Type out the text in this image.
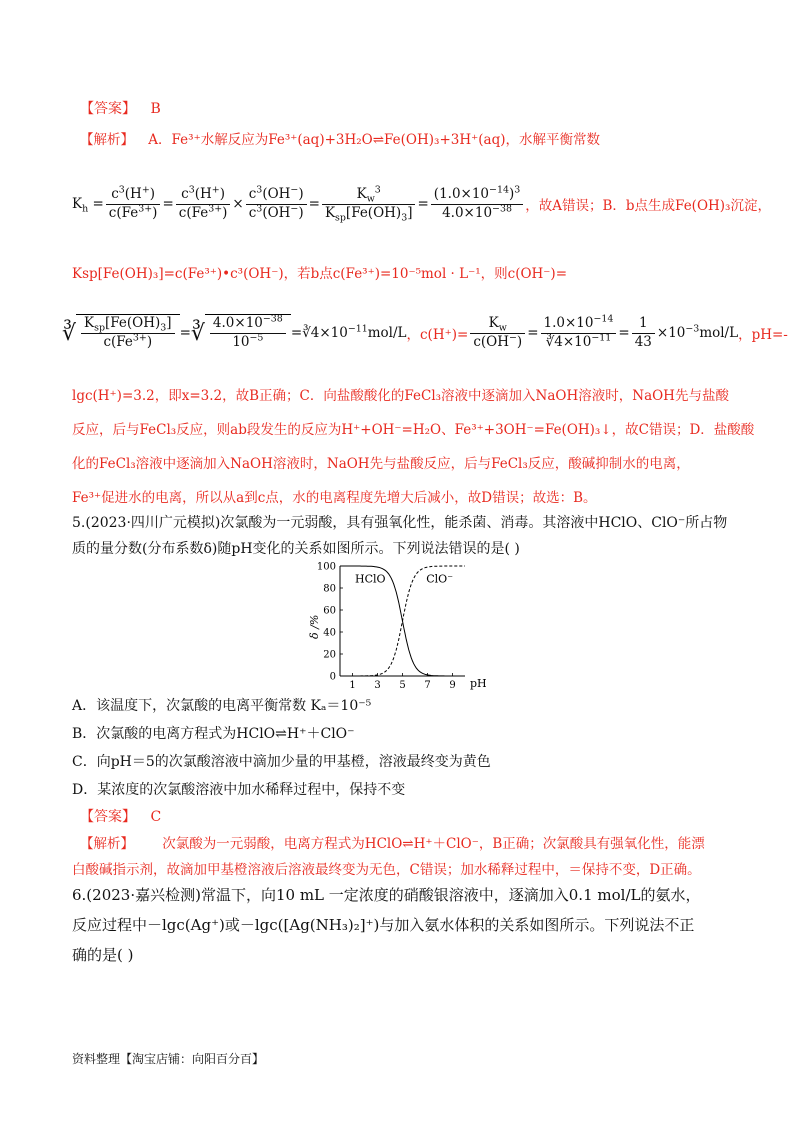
【答案】 B
【解析】 A．Fe³⁺水解反应为Fe³⁺(aq)+3H₂O⇌Fe(OH)₃+3H⁺(aq)，水解平衡常数
$K_h = \frac{c^3(H^+)}{c(Fe^{3+})} = \frac{c^3(H^+)}{c(Fe^{3+})} \times \frac{c^3(OH^-)}{c^3(OH^-)} = \frac{K_w^3}{K_{sp}[Fe(OH)_3]} = \frac{(1.0\times 10^{-14})^3}{4.0\times 10^{-38}}$ ，故A错误；B．b点生成Fe(OH)₃沉淀，
Ksp[Fe(OH)₃]=c(Fe³⁺)•c³(OH⁻)，若b点c(Fe³⁺)=10⁻⁵mol · L⁻¹，则c(OH⁻)=
∛ $\frac{K_{sp}[Fe(OH)_3]}{c(Fe^{3+})}$ = ∛ $\frac{4.0\times 10^{-38}}{10^{-5}}$ $=∛4\times 10^{-11}$ mol/L ，$c(H^+)= \frac{K_w}{c(OH^-)} = \frac{1.0\times 10^{-14}}{∛4\times 10^{-11}} = \frac{1}{43} \times 10^{-3}mol/L$ ，pH=-
lgc(H⁺)=3.2，即x=3.2，故B正确；C．向盐酸酸化的FeCl₃溶液中逐滴加入NaOH溶液时，NaOH先与盐酸
反应，后与FeCl₃反应，则ab段发生的反应为H⁺+OH⁻=H₂O、Fe³⁺+3OH⁻=Fe(OH)₃↓，故C错误；D．盐酸酸
化的FeCl₃溶液中逐滴加入NaOH溶液时，NaOH先与盐酸反应，后与FeCl₃反应，酸碱抑制水的电离，
Fe³⁺促进水的电离，所以从a到c点，水的电离程度先增大后减小，故D错误；故选：B。
5.(2023·四川广元模拟)次氯酸为一元弱酸，具有强氧化性，能杀菌、消毒。其溶液中HClO、ClO⁻所占物
质的量分数(分布系数δ)随pH变化的关系如图所示。下列说法错误的是( )
0
20
40
60
80
100
1 3 5 7 9 pH
δ /%
HClO	ClO⁻
A．该温度下，次氯酸的电离平衡常数 Kₐ＝10⁻⁵
B．次氯酸的电离方程式为HClO⇌H⁺＋ClO⁻
C．向pH＝5的次氯酸溶液中滴加少量的甲基橙，溶液最终变为黄色
D．某浓度的次氯酸溶液中加水稀释过程中，保持不变
【答案】 C
【解析】 次氯酸为一元弱酸，电离方程式为HClO⇌H⁺＋ClO⁻，B正确；次氯酸具有强氧化性，能漂
白酸碱指示剂，故滴加甲基橙溶液后溶液最终变为无色，C错误；加水稀释过程中，＝保持不变，D正确。
6.(2023·嘉兴检测)常温下，向10 mL 一定浓度的硝酸银溶液中，逐滴加入0.1 mol/L的氨水，
反应过程中－lgc(Ag⁺)或－lgc([Ag(NH₃)₂]⁺)与加入氨水体积的关系如图所示。下列说法不正
确的是( )
资料整理【淘宝店铺：向阳百分百】
